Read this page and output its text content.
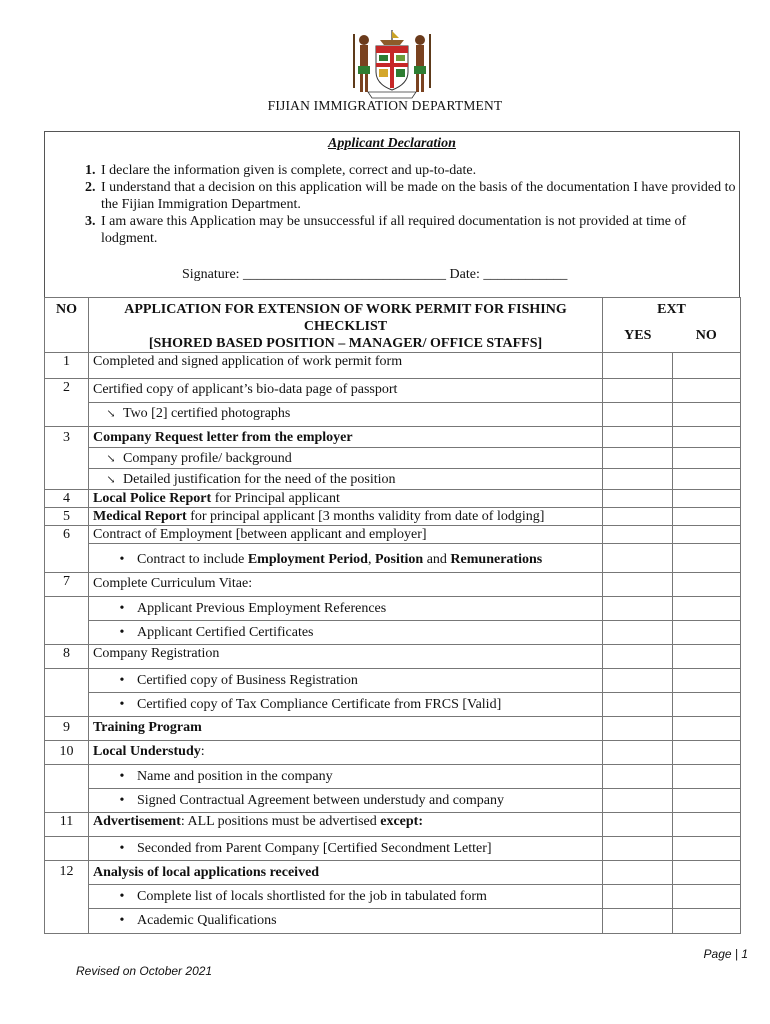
FIJIAN IMMIGRATION DEPARTMENT
Applicant Declaration
1. I declare the information given is complete, correct and up-to-date.
2. I understand that a decision on this application will be made on the basis of the documentation I have provided to the Fijian Immigration Department.
3. I am aware this Application may be unsuccessful if all required documentation is not provided at time of lodgment.
Signature: _____________________________ Date: ____________
NO	APPLICATION FOR EXTENSION OF WORK PERMIT FOR FISHING
CHECKLIST
[SHORED BASED POSITION – MANAGER/ OFFICE STAFFS]	EXT	
		YES	NO
1	Completed and signed application of work permit form		
2	Certified copy of applicant’s bio-data page of passport		
	↘ Two [2] certified photographs		
3	Company Request letter from the employer		
	↘ Company profile/ background		
	↘ Detailed justification for the need of the position		
4	Local Police Report for Principal applicant		
5	Medical Report for principal applicant [3 months validity from date of lodging]		
6	Contract of Employment [between applicant and employer]		
	• Contract to include Employment Period, Position and Remunerations		
7	Complete Curriculum Vitae:		
	• Applicant Previous Employment References		
	• Applicant Certified Certificates		
8	Company Registration		
	• Certified copy of Business Registration		
	• Certified copy of Tax Compliance Certificate from FRCS [Valid]		
9	Training Program		
10	Local Understudy:		
	• Name and position in the company		
	• Signed Contractual Agreement between understudy and company		
11	Advertisement: ALL positions must be advertised except:		
	• Seconded from Parent Company [Certified Secondment Letter]		
12	Analysis of local applications received		
	• Complete list of locals shortlisted for the job in tabulated form		
	• Academic Qualifications		
Page | 1
Revised on October 2021
